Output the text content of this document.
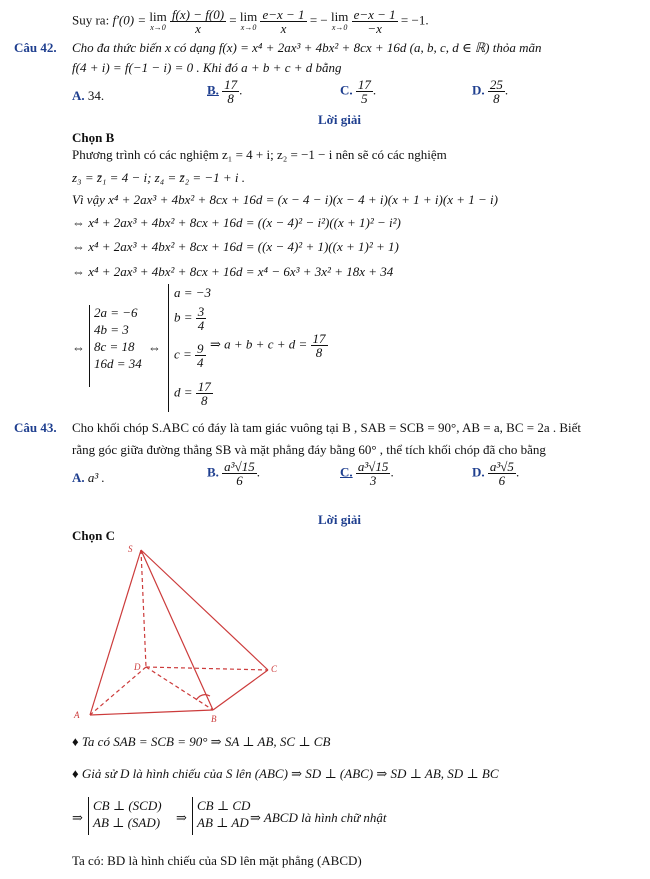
Suy ra: f′(0) = lim
x→0
$\frac{f(x) - f(0)}{x} = \lim$
x→0
$\frac{e-x - 1}{x}$ = − lim
x→0
$\frac{e-x - 1}{-x} = -1$.
Câu 42. Cho đa thức biến x có dạng f(x) = x⁴ + 2ax³ + 4bx² + 8cx + 16d (a, b, c, d ∈ ℝ) thỏa mãn
f(4 + i) = f(−1 − i) = 0 . Khi đó a + b + c + d bằng
A. 34.	B. $\frac{17}{8}$ .	C. $\frac{17}{5}$ .	D. $\frac{25}{8}$ .
Lời giải
Chọn B
Phương trình có các nghiệm z₁ = 4 + i; z₂ = −1 − i nên sẽ có các nghiệm
z₃ = z̄₁ = 4 − i; z₄ = z̄₂ = −1 + i .
Vì vậy x⁴ + 2ax³ + 4bx² + 8cx + 16d = (x − 4 − i)(x − 4 + i)(x + 1 + i)(x + 1 − i)
⇔ x⁴ + 2ax³ + 4bx² + 8cx + 16d = ((x − 4)² − i²)((x + 1)² − i²)
⇔ x⁴ + 2ax³ + 4bx² + 8cx + 16d = ((x − 4)² + 1)((x + 1)² + 1)
⇔ x⁴ + 2ax³ + 4bx² + 8cx + 16d = x⁴ − 6x³ + 3x² + 18x + 34
⇔
2a = −6
4b = 3
8c = 18
16d = 34
⇔
a = −3
$b = \frac{3}{4}$
$c = \frac{9}{4}$
$d = \frac{17}{8}$
⇒ $a + b + c + d = \frac{17}{8}$
Câu 43. Cho khối chóp S.ABC có đáy là tam giác vuông tại B , SAB = SCB = 90°, AB = a, BC = 2a . Biết
rằng góc giữa đường thẳng SB và mặt phẳng đáy bằng 60° , thể tích khối chóp đã cho bằng
A. a³ .	B. $\frac{\text{a³√15}}{6}$ .	C. $\frac{\text{a³√15}}{3}$ .	D. $\frac{\text{a³√5}}{6}$ .
Lời giải
Chọn C
S
D	C
A	B
♦ Ta có SAB = SCB = 90° ⇒ SA ⊥ AB, SC ⊥ CB
♦ Giả sử D là hình chiếu của S lên (ABC) ⇒ SD ⊥ (ABC) ⇒ SD ⊥ AB, SD ⊥ BC
⇒
CB ⊥ (SCD)
AB ⊥ (SAD) ⇒
CB ⊥ CD
AB ⊥ AD ⇒ ABCD là hình chữ nhật
Ta có: BD là hình chiếu của SD lên mặt phẳng (ABCD)
